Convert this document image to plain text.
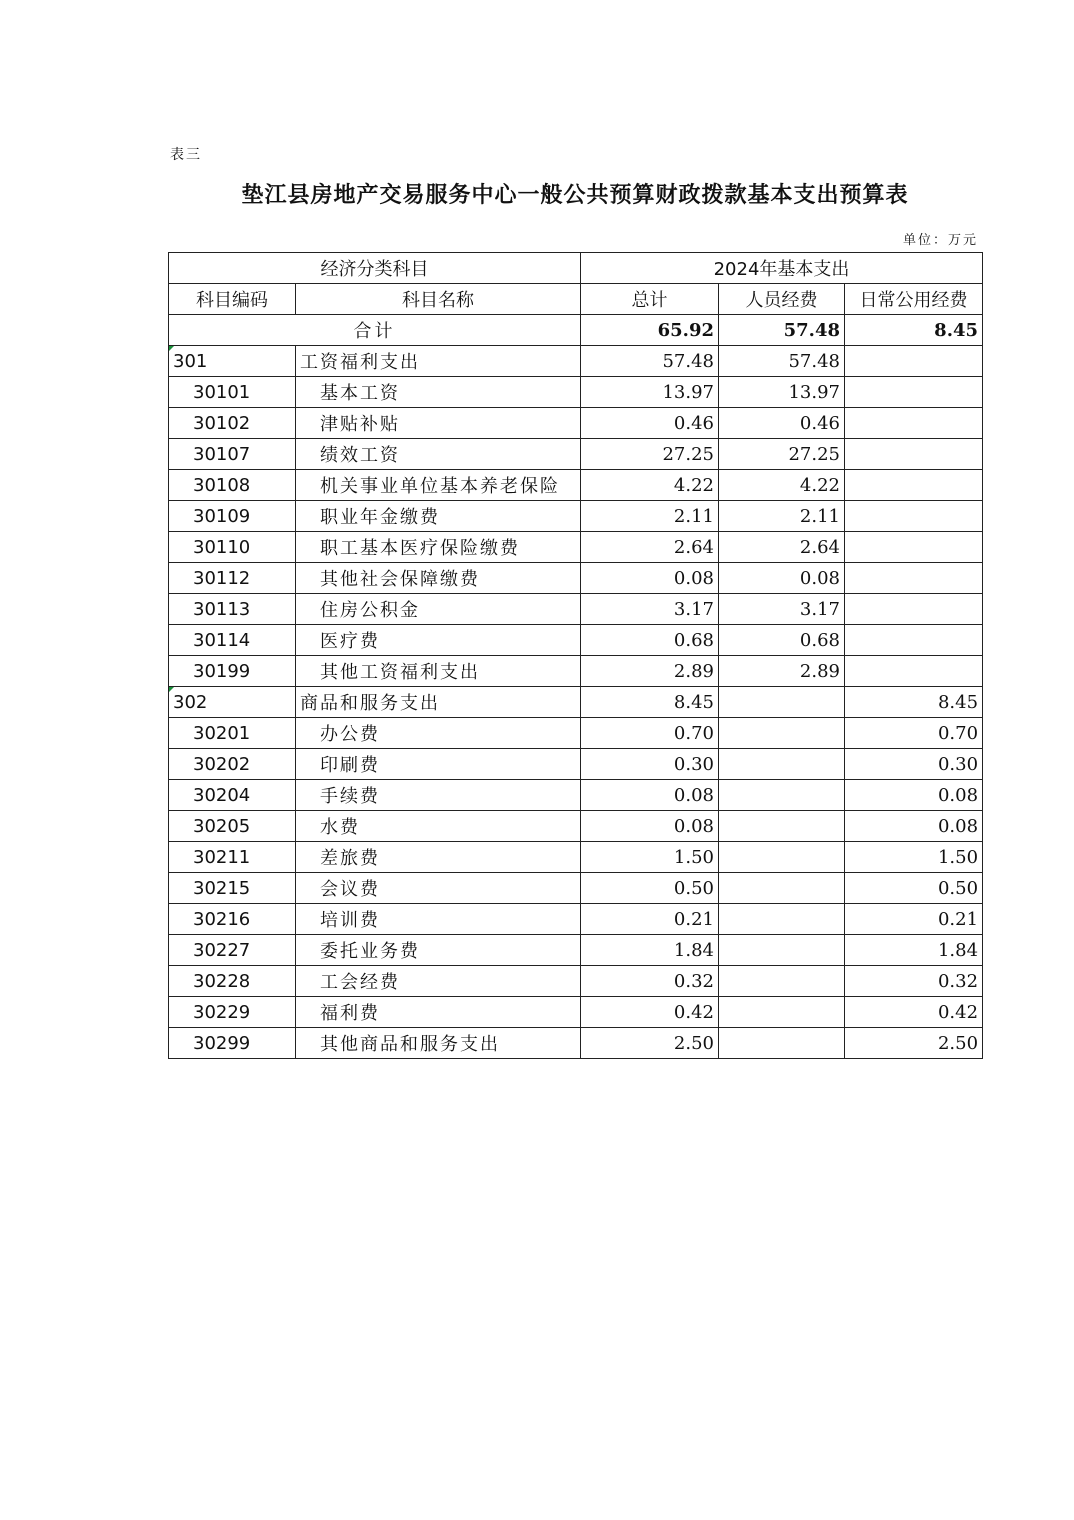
表三
垫江县房地产交易服务中心一般公共预算财政拨款基本支出预算表
单位：万元
经济分类科目		2024年基本支出		
科目编码	科目名称	总计	人员经费	日常公用经费
合计		65.92	57.48	8.45
301	工资福利支出	57.48	57.48	
30101	基本工资	13.97	13.97	
30102	津贴补贴	0.46	0.46	
30107	绩效工资	27.25	27.25	
30108	机关事业单位基本养老保险	4.22	4.22	
30109	职业年金缴费	2.11	2.11	
30110	职工基本医疗保险缴费	2.64	2.64	
30112	其他社会保障缴费	0.08	0.08	
30113	住房公积金	3.17	3.17	
30114	医疗费	0.68	0.68	
30199	其他工资福利支出	2.89	2.89	
302	商品和服务支出	8.45		8.45
30201	办公费	0.70		0.70
30202	印刷费	0.30		0.30
30204	手续费	0.08		0.08
30205	水费	0.08		0.08
30211	差旅费	1.50		1.50
30215	会议费	0.50		0.50
30216	培训费	0.21		0.21
30227	委托业务费	1.84		1.84
30228	工会经费	0.32		0.32
30229	福利费	0.42		0.42
30299	其他商品和服务支出	2.50		2.50
